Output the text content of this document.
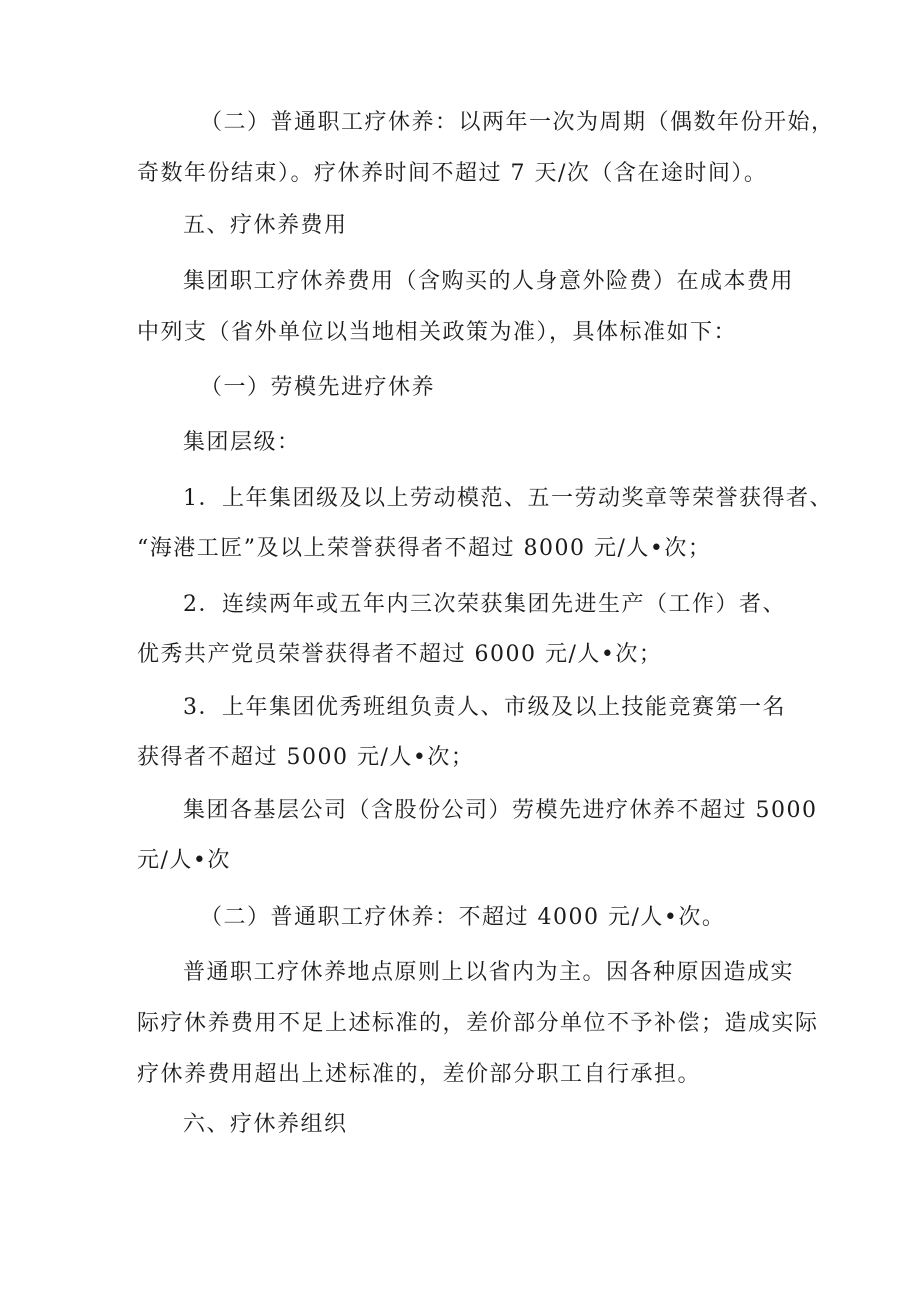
（二）普通职工疗休养：以两年一次为周期（偶数年份开始，
奇数年份结束）。疗休养时间不超过 7 天/次（含在途时间）。
五、疗休养费用
集团职工疗休养费用（含购买的人身意外险费）在成本费用
中列支（省外单位以当地相关政策为准），具体标准如下：
（一）劳模先进疗休养
集团层级：
1．上年集团级及以上劳动模范、五一劳动奖章等荣誉获得者、
“海港工匠”及以上荣誉获得者不超过 8000 元/人•次；
2．连续两年或五年内三次荣获集团先进生产（工作）者、
优秀共产党员荣誉获得者不超过 6000 元/人•次；
3．上年集团优秀班组负责人、市级及以上技能竞赛第一名
获得者不超过 5000 元/人•次；
集团各基层公司（含股份公司）劳模先进疗休养不超过 5000
元/人•次
（二）普通职工疗休养：不超过 4000 元/人•次。
普通职工疗休养地点原则上以省内为主。因各种原因造成实
际疗休养费用不足上述标准的，差价部分单位不予补偿；造成实际
疗休养费用超出上述标准的，差价部分职工自行承担。
六、疗休养组织
